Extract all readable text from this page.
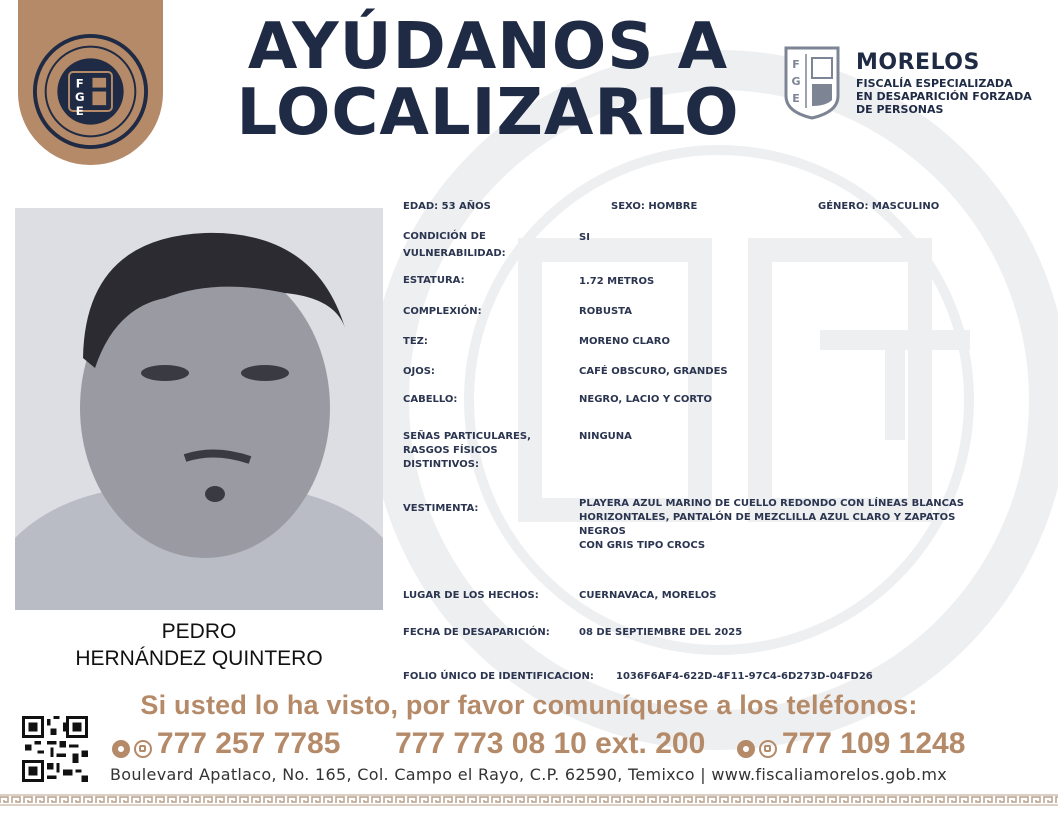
F
G
E
AYÚDANOS A
LOCALIZARLO
F
G
E
MORELOS
FISCALÍA ESPECIALIZADA
EN DESAPARICIÓN FORZADA
DE PERSONAS
PEDRO
HERNÁNDEZ QUINTERO
EDAD: 53 AÑOS	SEXO: HOMBRE	GÉNERO: MASCULINO
CONDICIÓN DE
VULNERABILIDAD:
SI
ESTATURA:	1.72 METROS
COMPLEXIÓN:	ROBUSTA
TEZ:	MORENO CLARO
OJOS:	CAFÉ OBSCURO, GRANDES
CABELLO:	NEGRO, LACIO Y CORTO
SEÑAS PARTICULARES,
RASGOS FÍSICOS
DISTINTIVOS:
NINGUNA
VESTIMENTA:	PLAYERA AZUL MARINO DE CUELLO REDONDO CON LÍNEAS BLANCAS
HORIZONTALES, PANTALÓN DE MEZCLILLA AZUL CLARO Y ZAPATOS NEGROS
CON GRIS TIPO CROCS
LUGAR DE LOS HECHOS:	CUERNAVACA, MORELOS
FECHA DE DESAPARICIÓN:	08 DE SEPTIEMBRE DEL 2025
FOLIO ÚNICO DE IDENTIFICACION: 1036F6AF4-622D-4F11-97C4-6D273D-04FD26
Si usted lo ha visto, por favor comuníquese a los teléfonos:
777 257 7785 777 773 08 10 ext. 200	777 109 1248
Boulevard Apatlaco, No. 165, Col. Campo el Rayo, C.P. 62590, Temixco | www.fiscaliamorelos.gob.mx
